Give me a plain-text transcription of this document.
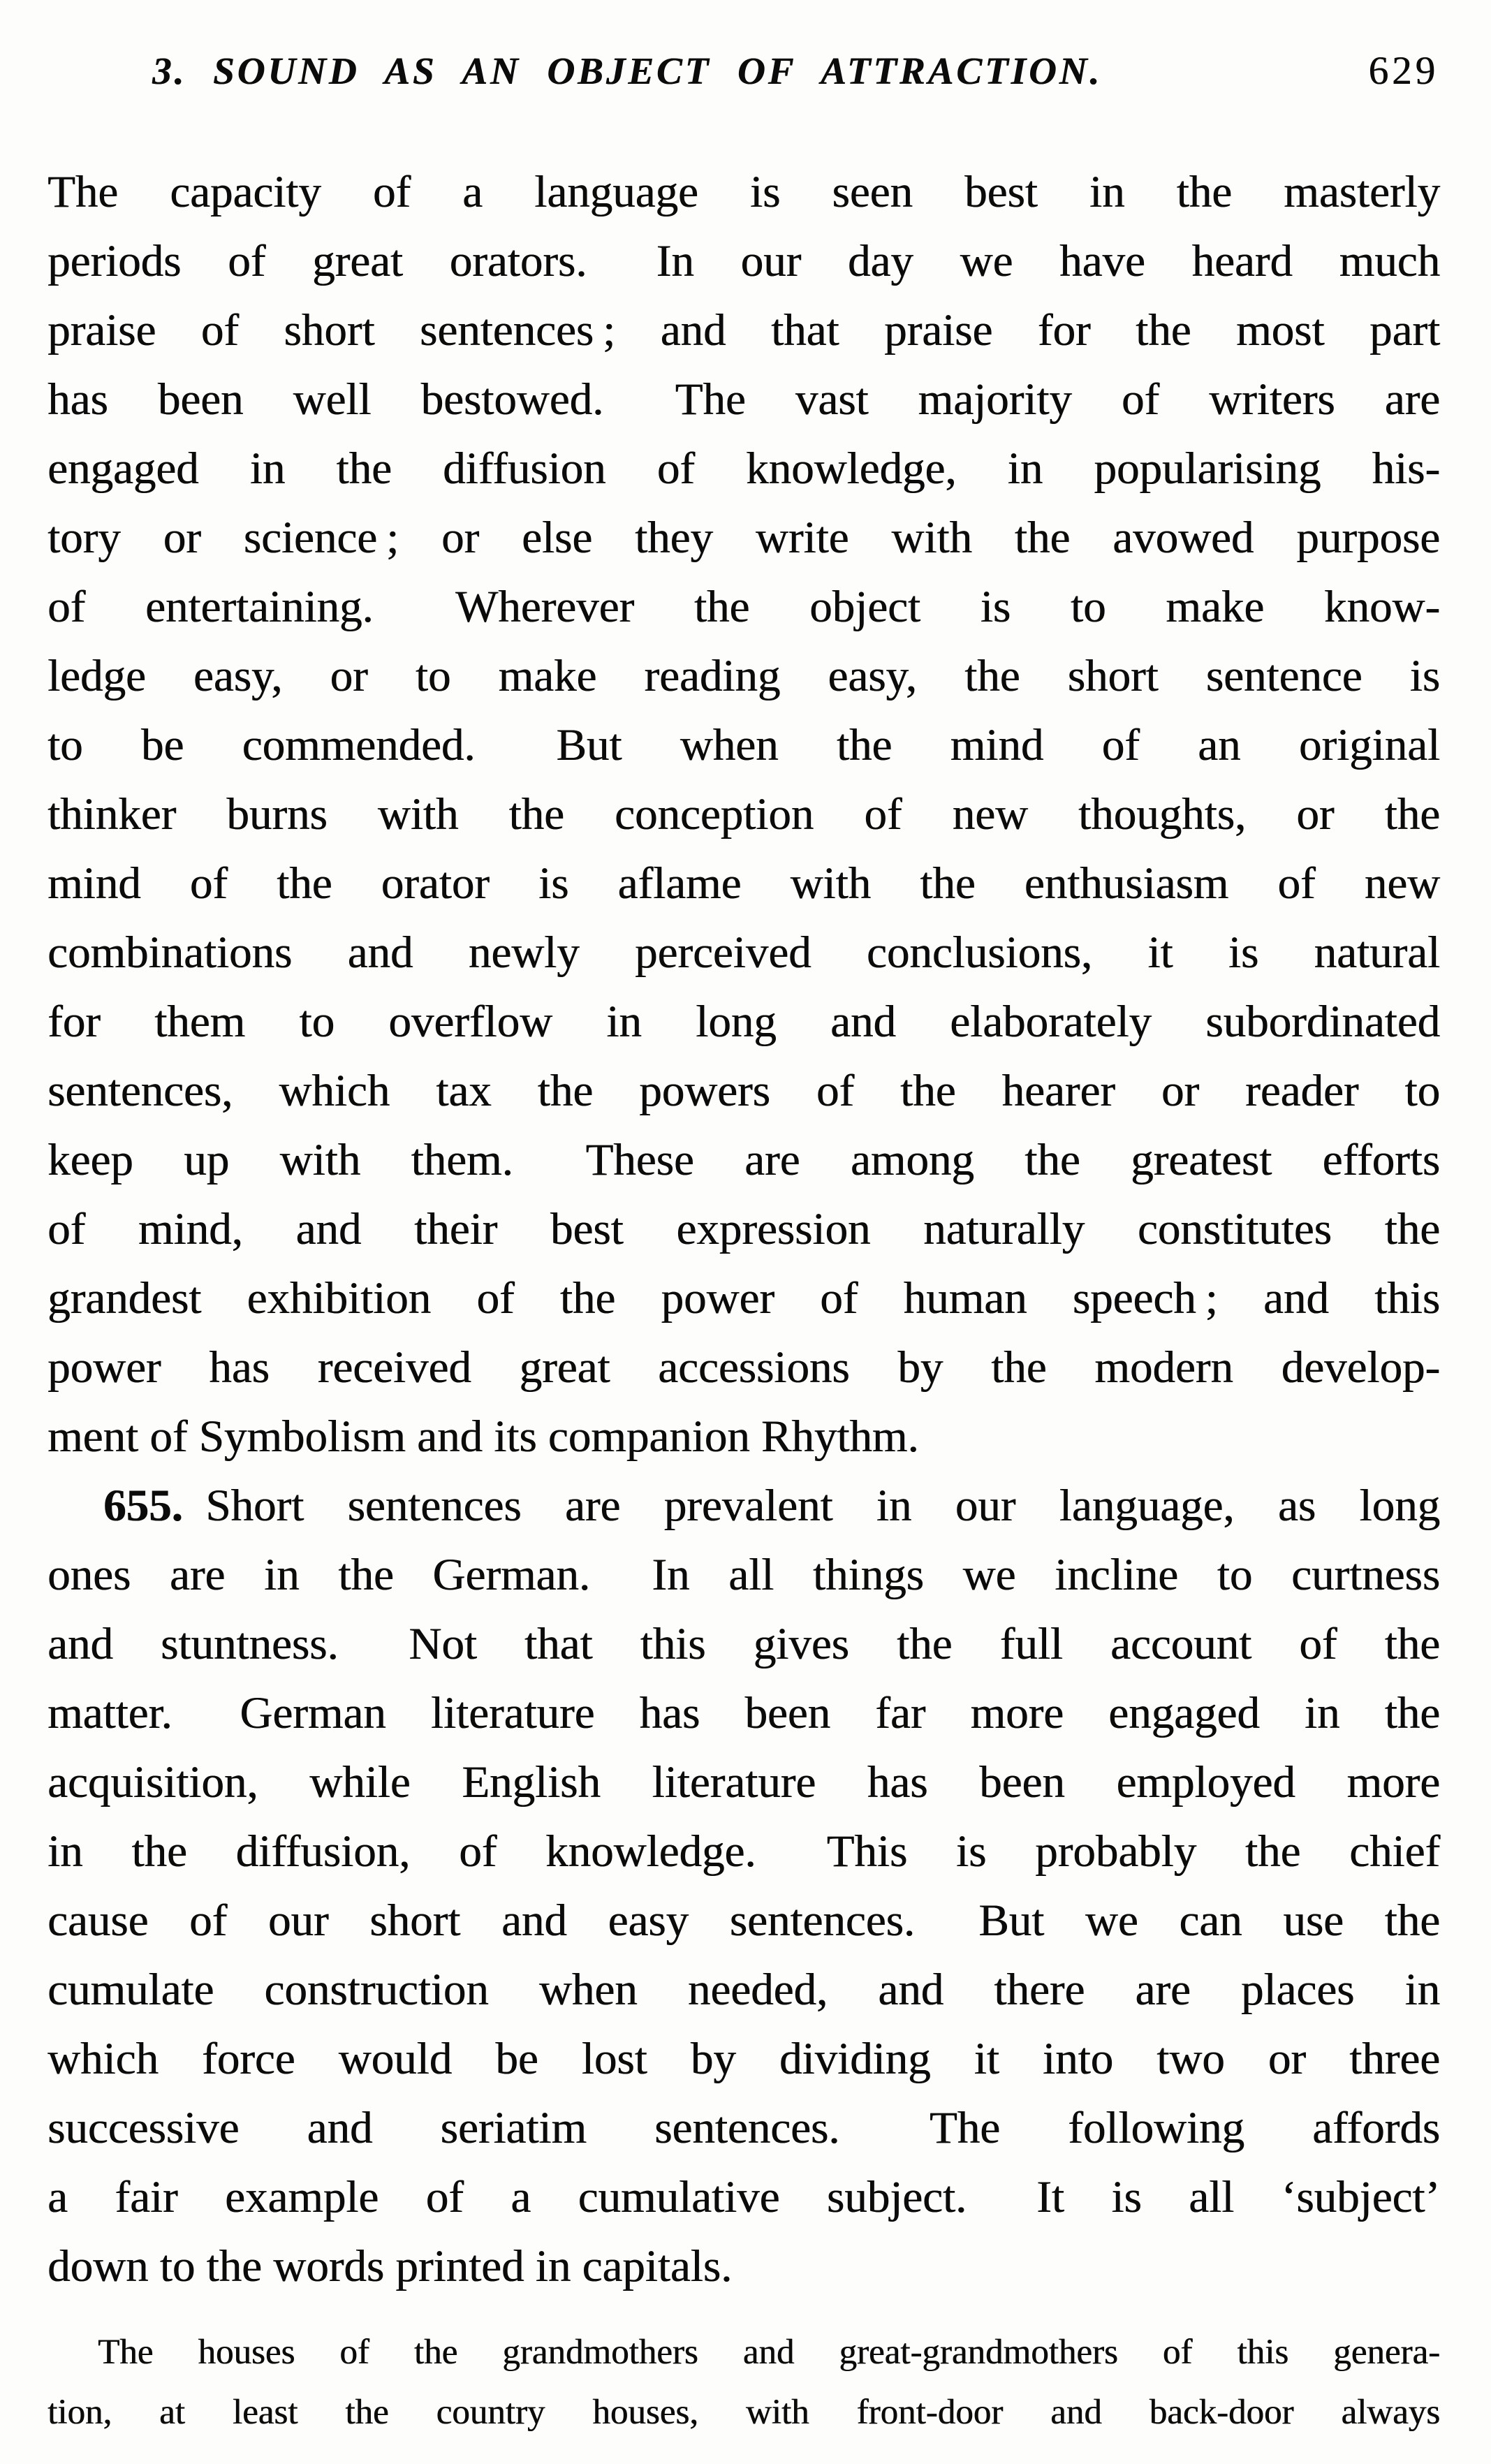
3. SOUND AS AN OBJECT OF ATTRACTION.	629
The capacity of a language is seen best in the masterly
periods of great orators.  In our day we have heard much
praise of short sentences ; and that praise for the most part
has been well bestowed.  The vast majority of writers are
engaged in the diffusion of knowledge, in popularising his-
tory or science ; or else they write with the avowed purpose
of entertaining.  Wherever the object is to make know-
ledge easy, or to make reading easy, the short sentence is
to be commended.  But when the mind of an original
thinker burns with the conception of new thoughts, or the
mind of the orator is aflame with the enthusiasm of new
combinations and newly perceived conclusions, it is natural
for them to overflow in long and elaborately subordinated
sentences, which tax the powers of the hearer or reader to
keep up with them.  These are among the greatest efforts
of mind, and their best expression naturally constitutes the
grandest exhibition of the power of human speech ; and this
power has received great accessions by the modern develop-
ment of Symbolism and its companion Rhythm.
655.  Short sentences are prevalent in our language, as long
ones are in the German.  In all things we incline to curtness
and stuntness.  Not that this gives the full account of the
matter.  German literature has been far more engaged in the
acquisition, while English literature has been employed more
in the diffusion, of knowledge.  This is probably the chief
cause of our short and easy sentences.  But we can use the
cumulate construction when needed, and there are places in
which force would be lost by dividing it into two or three
successive and seriatim sentences.  The following affords
a fair example of a cumulative subject.  It is all ‘subject’
down to the words printed in capitals.
The houses of the grandmothers and great-grandmothers of this genera-
tion, at least the country houses, with front-door and back-door always
